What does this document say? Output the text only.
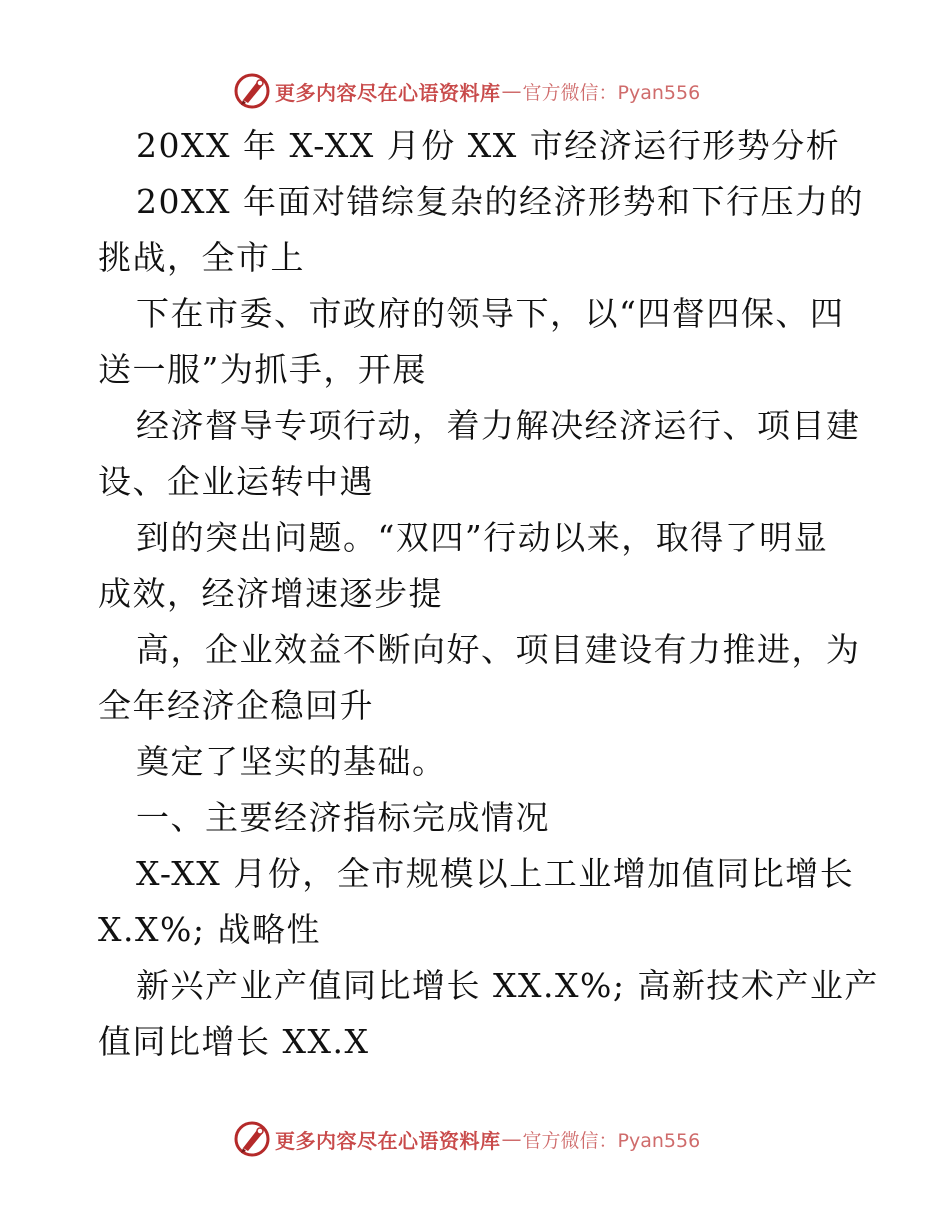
更多内容尽在心语资料库 — 官方微信：Pyan556
20XX 年 X-XX 月份 XX 市经济运行形势分析
20XX 年面对错综复杂的经济形势和下行压力的
挑战，全市上
下在市委、市政府的领导下，以“四督四保、四
送一服”为抓手，开展
经济督导专项行动，着力解决经济运行、项目建
设、企业运转中遇
到的突出问题。“双四”行动以来，取得了明显
成效，经济增速逐步提
高，企业效益不断向好、项目建设有力推进，为
全年经济企稳回升
奠定了坚实的基础。
一、主要经济指标完成情况
X-XX 月份，全市规模以上工业增加值同比增长
X.X%; 战略性
新兴产业产值同比增长 XX.X%; 高新技术产业产
值同比增长 XX.X
更多内容尽在心语资料库 — 官方微信：Pyan556
